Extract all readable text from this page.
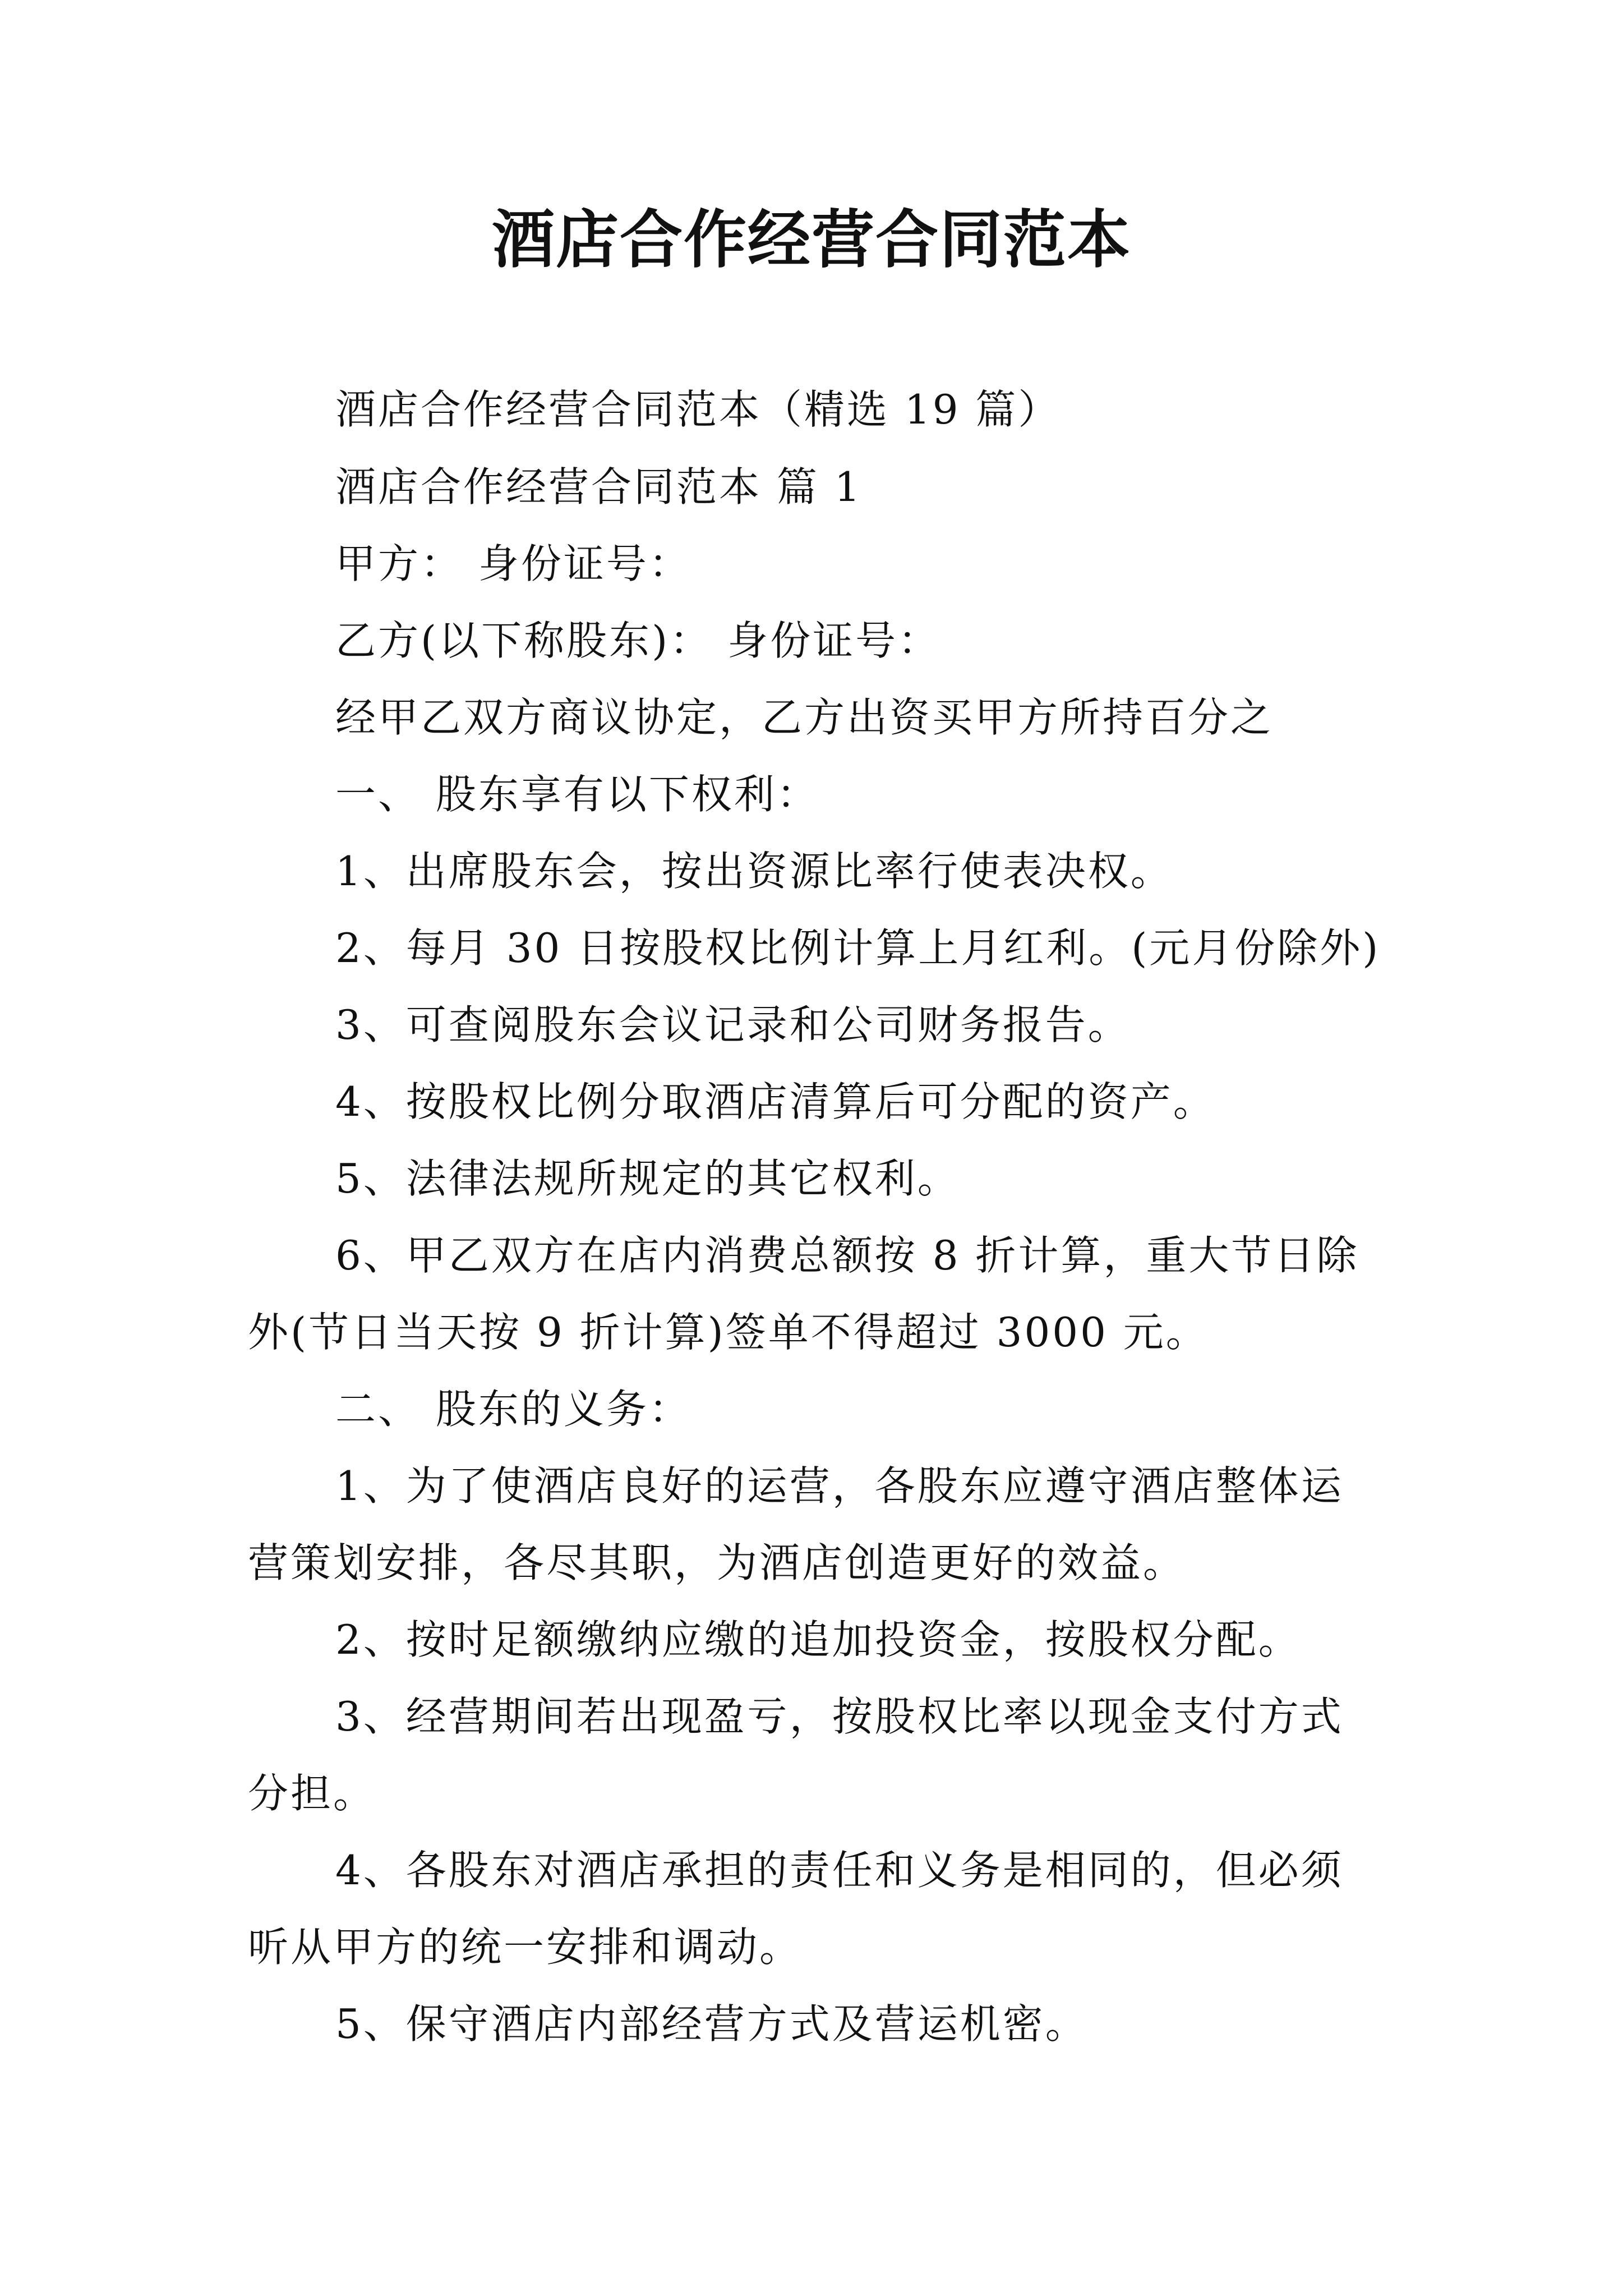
酒店合作经营合同范本
酒店合作经营合同范本（精选 19 篇）
酒店合作经营合同范本 篇 1
甲方： 身份证号：
乙方(以下称股东)： 身份证号：
经甲乙双方商议协定，乙方出资买甲方所持百分之
一、 股东享有以下权利：
1、出席股东会，按出资源比率行使表决权。
2、每月 30 日按股权比例计算上月红利。(元月份除外)
3、可查阅股东会议记录和公司财务报告。
4、按股权比例分取酒店清算后可分配的资产。
5、法律法规所规定的其它权利。
6、甲乙双方在店内消费总额按 8 折计算，重大节日除
外(节日当天按 9 折计算)签单不得超过 3000 元。
二、 股东的义务：
1、为了使酒店良好的运营，各股东应遵守酒店整体运
营策划安排，各尽其职，为酒店创造更好的效益。
2、按时足额缴纳应缴的追加投资金，按股权分配。
3、经营期间若出现盈亏，按股权比率以现金支付方式
分担。
4、各股东对酒店承担的责任和义务是相同的，但必须
听从甲方的统一安排和调动。
5、保守酒店内部经营方式及营运机密。
